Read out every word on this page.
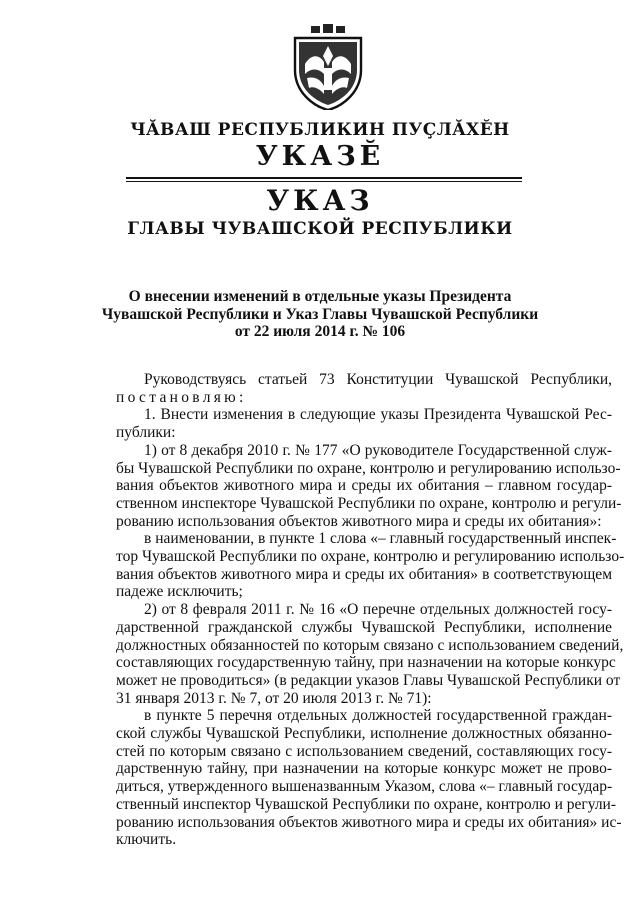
ЧĂВАШ РЕСПУБЛИКИН ПУÇЛĂХĔН
УКАЗĔ
УКАЗ
ГЛАВЫ ЧУВАШСКОЙ РЕСПУБЛИКИ
О внесении изменений в отдельные указы Президента
Чувашской Республики и Указ Главы Чувашской Республики
от 22 июля 2014 г. № 106
Руководствуясь статьей 73 Конституции Чувашской Республики,
постановляю:
1. Внести изменения в следующие указы Президента Чувашской Рес-
публики:
1) от 8 декабря 2010 г. № 177 «О руководителе Государственной служ-
бы Чувашской Республики по охране, контролю и регулированию использо-
вания объектов животного мира и среды их обитания – главном государ-
ственном инспекторе Чувашской Республики по охране, контролю и регули-
рованию использования объектов животного мира и среды их обитания»:
в наименовании, в пункте 1 слова «– главный государственный инспек-
тор Чувашской Республики по охране, контролю и регулированию использо-
вания объектов животного мира и среды их обитания» в соответствующем
падеже исключить;
2) от 8 февраля 2011 г. № 16 «О перечне отдельных должностей госу-
дарственной гражданской службы Чувашской Республики, исполнение
должностных обязанностей по которым связано с использованием сведений,
составляющих государственную тайну, при назначении на которые конкурс
может не проводиться» (в редакции указов Главы Чувашской Республики от
31 января 2013 г. № 7, от 20 июля 2013 г. № 71):
в пункте 5 перечня отдельных должностей государственной граждан-
ской службы Чувашской Республики, исполнение должностных обязанно-
стей по которым связано с использованием сведений, составляющих госу-
дарственную тайну, при назначении на которые конкурс может не прово-
диться, утвержденного вышеназванным Указом, слова «– главный государ-
ственный инспектор Чувашской Республики по охране, контролю и регули-
рованию использования объектов животного мира и среды их обитания» ис-
ключить.
